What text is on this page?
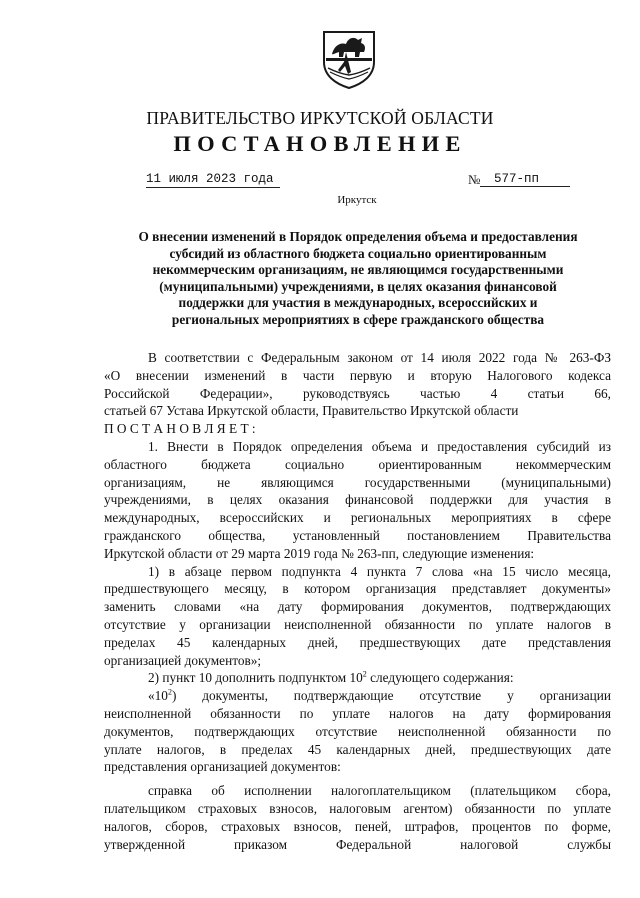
ПРАВИТЕЛЬСТВО ИРКУТСКОЙ ОБЛАСТИ
ПОСТАНОВЛЕНИЕ
11 июля 2023 года	№	577-пп
Иркутск
О внесении изменений в Порядок определения объема и предоставления
субсидий из областного бюджета социально ориентированным
некоммерческим организациям, не являющимся государственными
(муниципальными) учреждениями, в целях оказания финансовой
поддержки для участия в международных, всероссийских и
региональных мероприятиях в сфере гражданского общества
В соответствии с Федеральным законом от 14 июля 2022 года № 263-ФЗ
«О внесении изменений в части первую и вторую Налогового кодекса
Российской Федерации», руководствуясь частью 4 статьи 66,
статьей 67 Устава Иркутской области, Правительство Иркутской области
П О С Т А Н О В Л Я Е Т :
1. Внести в Порядок определения объема и предоставления субсидий из
областного бюджета социально ориентированным некоммерческим
организациям, не являющимся государственными (муниципальными)
учреждениями, в целях оказания финансовой поддержки для участия в
международных, всероссийских и региональных мероприятиях в сфере
гражданского общества, установленный постановлением Правительства
Иркутской области от 29 марта 2019 года № 263-пп, следующие изменения:
1) в абзаце первом подпункта 4 пункта 7 слова «на 15 число месяца,
предшествующего месяцу, в котором организация представляет документы»
заменить словами «на дату формирования документов, подтверждающих
отсутствие у организации неисполненной обязанности по уплате налогов в
пределах 45 календарных дней, предшествующих дате представления
организацией документов»;
2) пункт 10 дополнить подпунктом $10^2$ следующего содержания:
«$10^2$) документы, подтверждающие отсутствие у организации
неисполненной обязанности по уплате налогов на дату формирования
документов, подтверждающих отсутствие неисполненной обязанности по
уплате налогов, в пределах 45 календарных дней, предшествующих дате
представления организацией документов:
справка об исполнении налогоплательщиком (плательщиком сбора,
плательщиком страховых взносов, налоговым агентом) обязанности по уплате
налогов, сборов, страховых взносов, пеней, штрафов, процентов по форме,
утвержденной приказом Федеральной налоговой службы
